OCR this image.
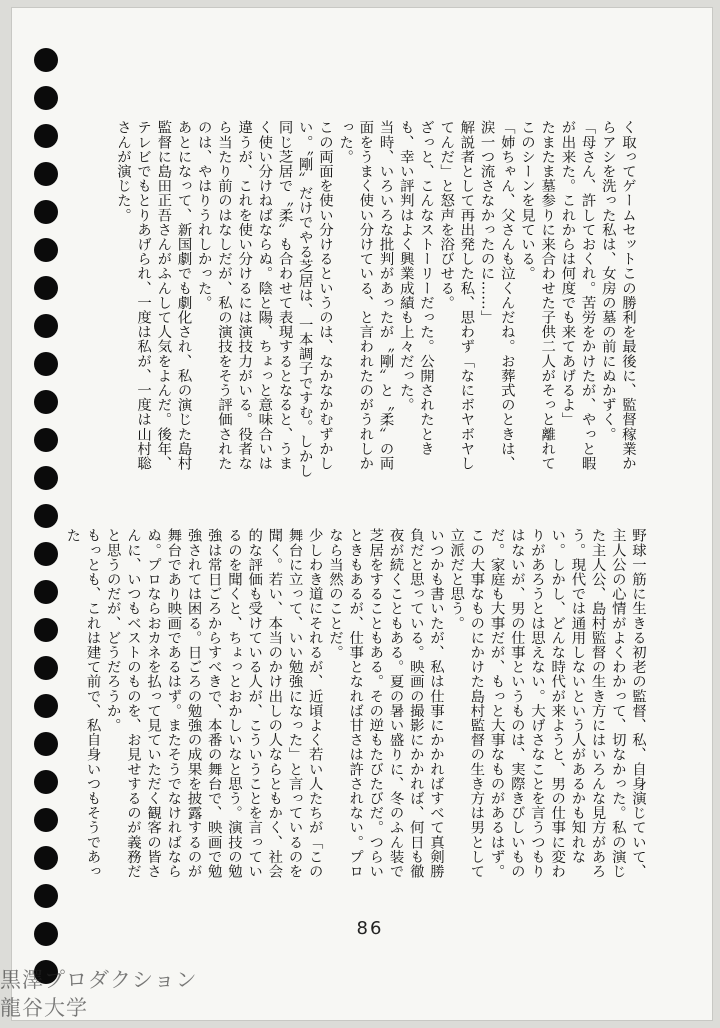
く取ってゲームセットこの勝利を最後に、監督稼業からアシを洗った私は、女房の墓の前にぬかずく。

「母さん、許しておくれ。苦労をかけたが、やっと暇が出来た。これからは何度でも来てあげるよ」

たまたま墓参りに来合わせた子供二人がそっと離れてこのシーンを見ている。

「姉ちゃん、父さんも泣くんだね。お葬式のときは、涙一つ流さなかったのに……」

解説者として再出発した私、思わず「なにボヤボヤしてんだ」と怒声を浴びせる。

ざっと、こんなストーリーだった。公開されたときも、幸い評判はよく興業成績も上々だった。

当時、いろいろな批判があったが〝剛〟と〝柔〟の両面をうまく使い分けている、と言われたのがうれしかった。

この両面を使い分けるというのは、なかなかむずかしい。〝剛〟だけでやる芝居は、一本調子ですむ。しかし同じ芝居で〝柔〟も合わせて表現するとなると、うまく使い分けねばならぬ。陰と陽、ちょっと意味合いは違うが、これを使い分けるには演技力がいる。役者なら当たり前のはなしだが、私の演技をそう評価されたのは、やはりうれしかった。

あとになって、新国劇でも劇化され、私の演じた島村監督に島田正吾さんがふんして人気をよんだ。後年、テレビでもとりあげられ、一度は私が、一度は山村聡さんが演じた。

野球一筋に生きる初老の監督、私、自身演じていて、主人公の心情がよくわかって、切なかった。私の演じた主人公、島村監督の生き方にはいろんな見方があろう。現代では通用しないという人があるかも知れない。しかし、どんな時代が来ようと、男の仕事に変わりがあろうとは思えない。大げさなことを言うつもりはないが、男の仕事というものは、実際きびしいものだ。家庭も大事だが、もっと大事なものがあるはず。この大事なものにかけた島村監督の生き方は男として立派だと思う。

いつかも書いたが、私は仕事にかかればすべて真剣勝負だと思っている。映画の撮影にかかれば、何日も徹夜が続くこともある。夏の暑い盛りに、冬のふん装で芝居をすることもある。その逆もたびたびだ。つらいときもあるが、仕事となれば甘さは許されない。プロなら当然のことだ。

少しわき道にそれるが、近頃よく若い人たちが「この舞台に立って、いい勉強になった」と言っているのを聞く。若い、本当のかけ出しの人ならともかく、社会的な評価も受けている人が、こういうことを言っているのを聞くと、ちょっとおかしいなと思う。演技の勉強は常日ごろからすべきで、本番の舞台で、映画で勉強されては困る。日ごろの勉強の成果を披露するのが舞台であり映画であるはず。またそうでなければならぬ。プロならおカネを払って見ていただく観客の皆さんに、いつもベストのものを、お見せするのが義務だと思うのだが、どうだろうか。

もっとも、これは建て前で、私自身いつもそうであった

86
黒澤プロダクション
龍谷大学
